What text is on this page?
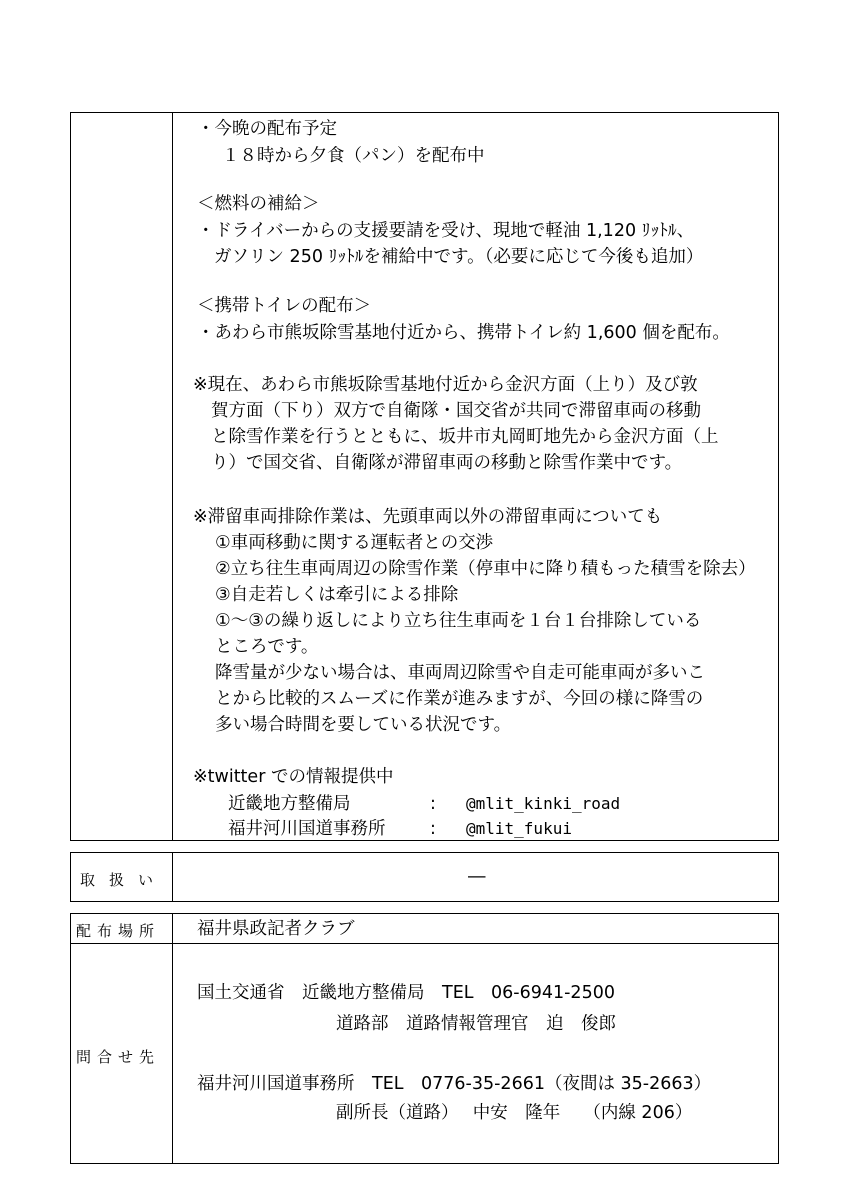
・今晩の配布予定
１８時から夕食（パン）を配布中
＜燃料の補給＞
・ドライバーからの支援要請を受け、現地で軽油 1,120 ﾘｯﾄﾙ、
ガソリン 250 ﾘｯﾄﾙを補給中です。（必要に応じて今後も追加）
＜携帯トイレの配布＞
・あわら市熊坂除雪基地付近から、携帯トイレ約 1,600 個を配布。
※現在、あわら市熊坂除雪基地付近から金沢方面（上り）及び敦
賀方面（下り）双方で自衛隊・国交省が共同で滞留車両の移動
と除雪作業を行うとともに、坂井市丸岡町地先から金沢方面（上
り）で国交省、自衛隊が滞留車両の移動と除雪作業中です。
※滞留車両排除作業は、先頭車両以外の滞留車両についても
①車両移動に関する運転者との交渉
②立ち往生車両周辺の除雪作業（停車中に降り積もった積雪を除去）
③自走若しくは牽引による排除
①～③の繰り返しにより立ち往生車両を１台１台排除している
ところです。
降雪量が少ない場合は、車両周辺除雪や自走可能車両が多いこ
とから比較的スムーズに作業が進みますが、今回の様に降雪の
多い場合時間を要している状況です。
※twitter での情報提供中
近畿地方整備局	: @mlit_kinki_road
福井河川国道事務所	: @mlit_fukui
取扱い	―
配布場所 福井県政記者クラブ
問合せ先
国土交通省　近畿地方整備局　TEL　06-6941-2500
道路部　道路情報管理官　迫　俊郎
福井河川国道事務所　TEL　0776-35-2661（夜間は 35-2663）
副所長（道路）　 中安　隆年　 （内線 206）
